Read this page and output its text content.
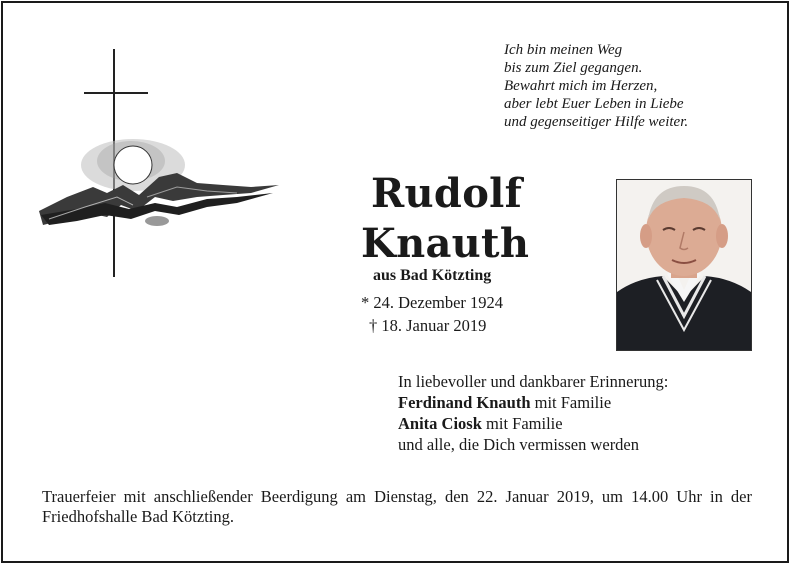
Ich bin meinen Weg
bis zum Ziel gegangen.
Bewahrt mich im Herzen,
aber lebt Euer Leben in Liebe
und gegenseitiger Hilfe weiter.
Rudolf
Knauth
aus Bad Kötzting
* 24. Dezember 1924
† 18. Januar 2019
In liebevoller und dankbarer Erinnerung:
Ferdinand Knauth mit Familie
Anita Ciosk mit Familie
und alle, die Dich vermissen werden
Trauerfeier mit anschließender Beerdigung am Dienstag, den 22. Januar 2019, um 14.00 Uhr in der Friedhofshalle Bad Kötzting.
